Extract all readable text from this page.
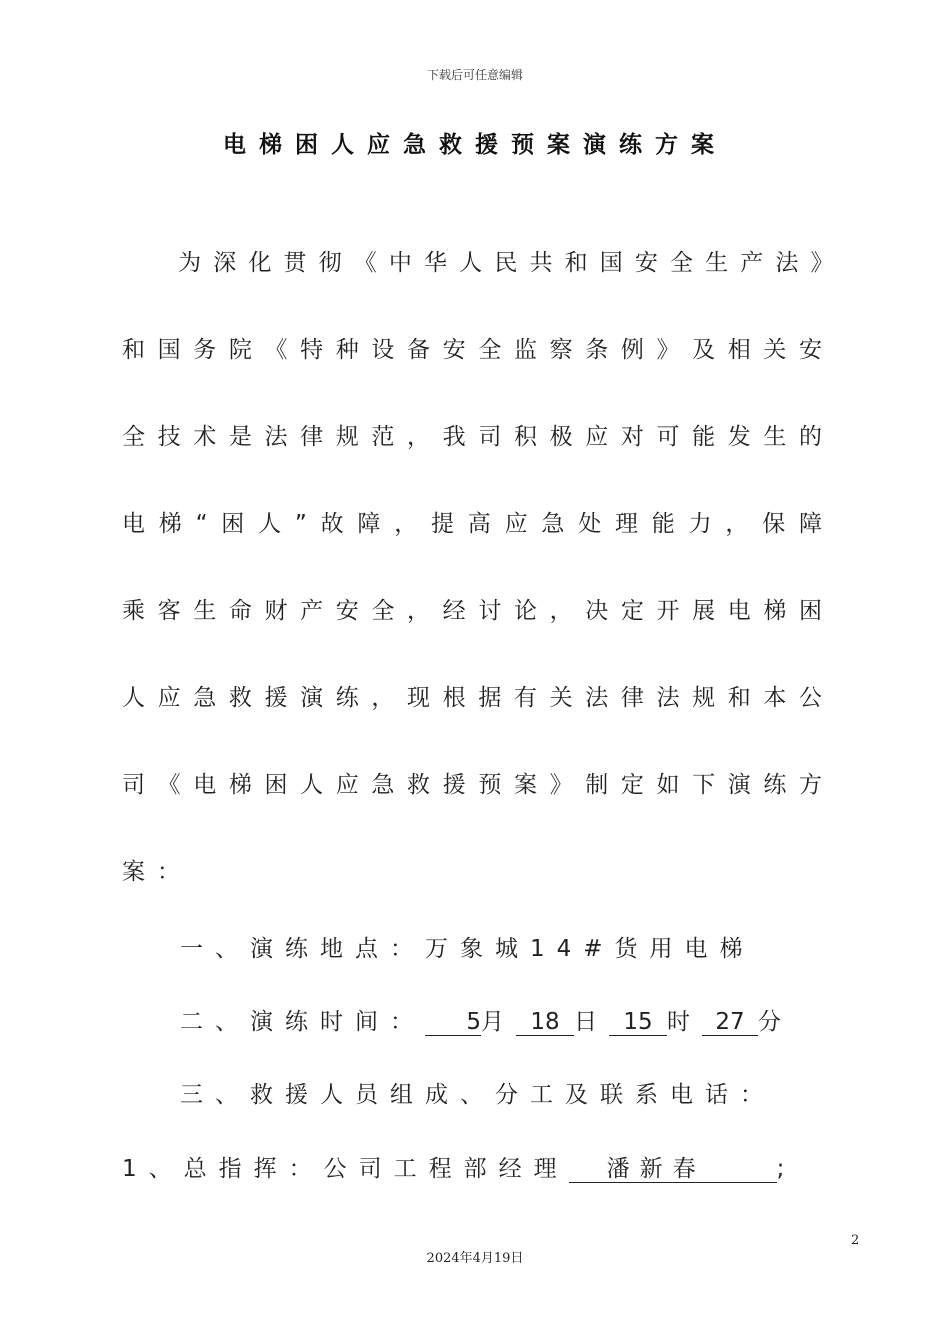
下载后可任意编辑
电梯困人应急救援预案演练方案
为深化贯彻《中华人民共和国安全生产法》和国务院《特种设备安全监察条例》及相关安全技术是法律规范，我司积极应对可能发生的电梯“困人”故障，提高应急处理能力，保障乘客生命财产安全，经讨论，决定开展电梯困人应急救援演练，现根据有关法律法规和本公司《电梯困人应急救援预案》制定如下演练方案：
一、演练地点：万象城14#货用电梯
二、演练时间： 5月 18 日 15 时 27 分
三、救援人员组成、分工及联系电话：
1、总指挥：公司工程部经理 潘新春	;
2
2024年4月19日
